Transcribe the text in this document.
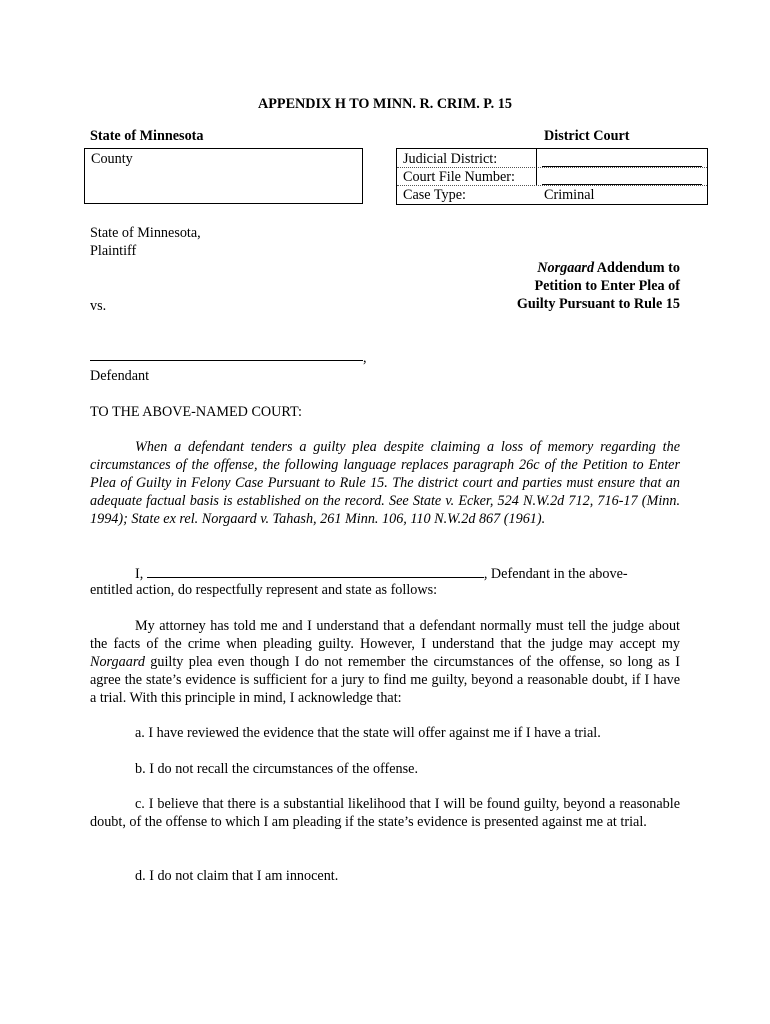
APPENDIX H TO MINN. R. CRIM. P. 15
State of Minnesota	District Court
County	Judicial District:
Court File Number:
Case Type:	Criminal
State of Minnesota,
Plaintiff
Norgaard Addendum to
Petition to Enter Plea of
Guilty Pursuant to Rule 15
vs.
,
Defendant
TO THE ABOVE-NAMED COURT:
When a defendant tenders a guilty plea despite claiming a loss of memory regarding the circumstances of the offense, the following language replaces paragraph 26c of the Petition to Enter Plea of Guilty in Felony Case Pursuant to Rule 15. The district court and parties must ensure that an adequate factual basis is established on the record. See State v. Ecker, 524 N.W.2d 712, 716-17 (Minn. 1994); State ex rel. Norgaard v. Tahash, 261 Minn. 106, 110 N.W.2d 867 (1961).
I,	, Defendant in the above-
entitled action, do respectfully represent and state as follows:
My attorney has told me and I understand that a defendant normally must tell the judge about the facts of the crime when pleading guilty. However, I understand that the judge may accept my Norgaard guilty plea even though I do not remember the circumstances of the offense, so long as I agree the state’s evidence is sufficient for a jury to find me guilty, beyond a reasonable doubt, if I have a trial. With this principle in mind, I acknowledge that:
a. I have reviewed the evidence that the state will offer against me if I have a trial.
b. I do not recall the circumstances of the offense.
c. I believe that there is a substantial likelihood that I will be found guilty, beyond a reasonable doubt, of the offense to which I am pleading if the state’s evidence is presented against me at trial.
d. I do not claim that I am innocent.
